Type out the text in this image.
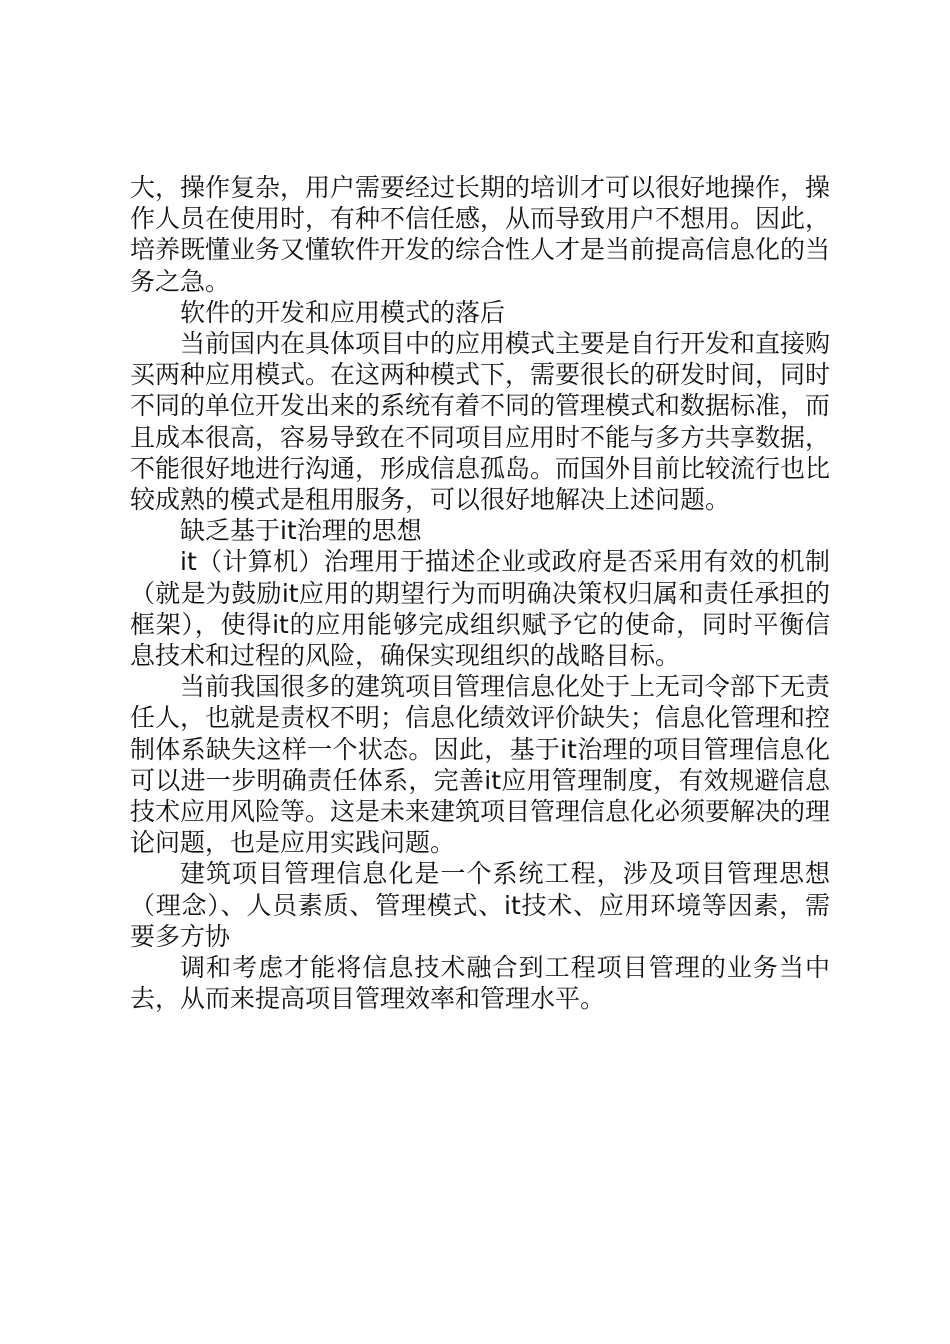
大，操作复杂，用户需要经过长期的培训才可以很好地操作，操作人员在使用时，有种不信任感，从而导致用户不想用。因此，培养既懂业务又懂软件开发的综合性人才是当前提高信息化的当务之急。

软件的开发和应用模式的落后

当前国内在具体项目中的应用模式主要是自行开发和直接购买两种应用模式。在这两种模式下，需要很长的研发时间，同时不同的单位开发出来的系统有着不同的管理模式和数据标准，而且成本很高，容易导致在不同项目应用时不能与多方共享数据，不能很好地进行沟通，形成信息孤岛。而国外目前比较流行也比较成熟的模式是租用服务，可以很好地解决上述问题。

缺乏基于it治理的思想

it（计算机）治理用于描述企业或政府是否采用有效的机制（就是为鼓励it应用的期望行为而明确决策权归属和责任承担的框架），使得it的应用能够完成组织赋予它的使命，同时平衡信息技术和过程的风险，确保实现组织的战略目标。

当前我国很多的建筑项目管理信息化处于上无司令部下无责任人，也就是责权不明；信息化绩效评价缺失；信息化管理和控制体系缺失这样一个状态。因此，基于it治理的项目管理信息化可以进一步明确责任体系，完善it应用管理制度，有效规避信息技术应用风险等。这是未来建筑项目管理信息化必须要解决的理论问题，也是应用实践问题。

建筑项目管理信息化是一个系统工程，涉及项目管理思想（理念）、人员素质、管理模式、it技术、应用环境等因素，需要多方协

调和考虑才能将信息技术融合到工程项目管理的业务当中去，从而来提高项目管理效率和管理水平。
